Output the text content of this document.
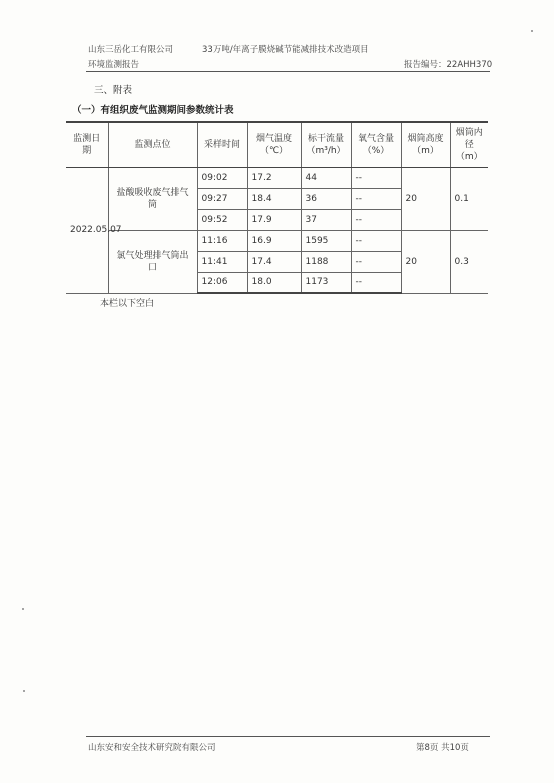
山东三岳化工有限公司	33万吨/年离子膜烧碱节能减排技术改造项目
环境监测报告	报告编号：22AHH370
三、附表
（一）有组织废气监测期间参数统计表
监测日期	监测点位	采样时间	烟气温度（℃）	标干流量（m³/h）	氧气含量（%）	烟筒高度（m）	烟筒内径（m）
2022.05.07	盐酸吸收废气排气筒	09:02	17.2	44	--	20	0.1
		09:27	18.4	36	--		
		09:52	17.9	37	--		
	氯气处理排气筒出口	11:16	16.9	1595	--	20	0.3
		11:41	17.4	1188	--		
		12:06	18.0	1173	--		
本栏以下空白
山东安和安全技术研究院有限公司	第8页 共10页
